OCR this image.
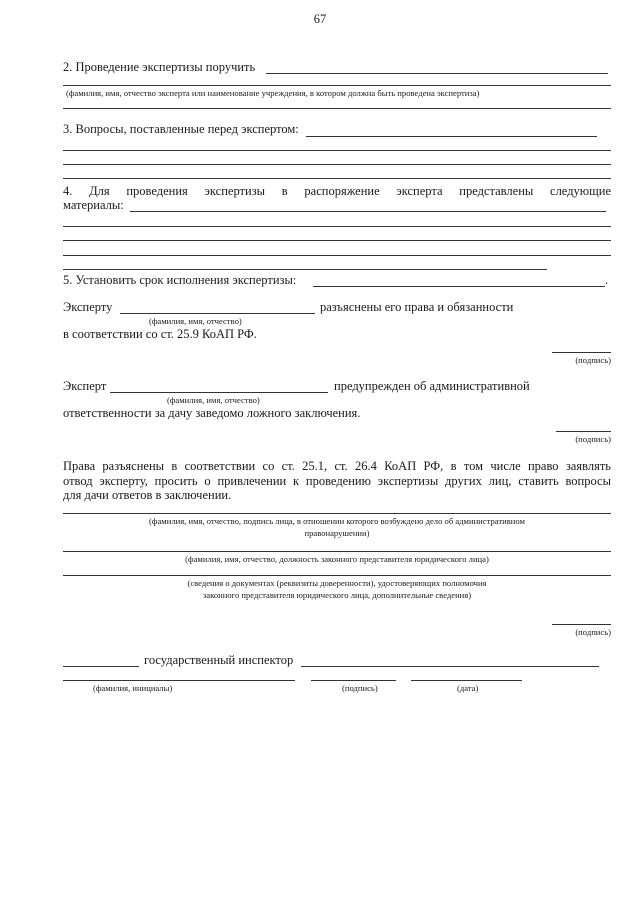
67
2. Проведение экспертизы поручить
(фамилия, имя, отчество эксперта или наименование учреждения, в котором должна быть проведена экспертиза)
3. Вопросы, поставленные перед экспертом:
4. Для проведения экспертизы в распоряжение эксперта представлены следующие
материалы:
5. Установить срок исполнения экспертизы:	.
Эксперту	разъяснены его права и обязанности
(фамилия, имя, отчество)
в соответствии со ст. 25.9 КоАП РФ.
(подпись)
Эксперт	предупрежден об административной
(фамилия, имя, отчество)
ответственности за дачу заведомо ложного заключения.
(подпись)
Права разъяснены в соответствии со ст. 25.1, ст. 26.4 КоАП РФ, в том числе право заявлять
отвод эксперту, просить о привлечении к проведению экспертизы других лиц, ставить вопросы
для дачи ответов в заключении.
(фамилия, имя, отчество, подпись лица, в отношении которого возбуждено дело об административном
правонарушении)
(фамилия, имя, отчество, должность законного представителя юридического лица)
(сведения о документах (реквизиты доверенности), удостоверяющих полномочия
законного представителя юридического лица, дополнительные сведения)
(подпись)
государственный инспектор
(фамилия, инициалы)	(подпись)	(дата)
